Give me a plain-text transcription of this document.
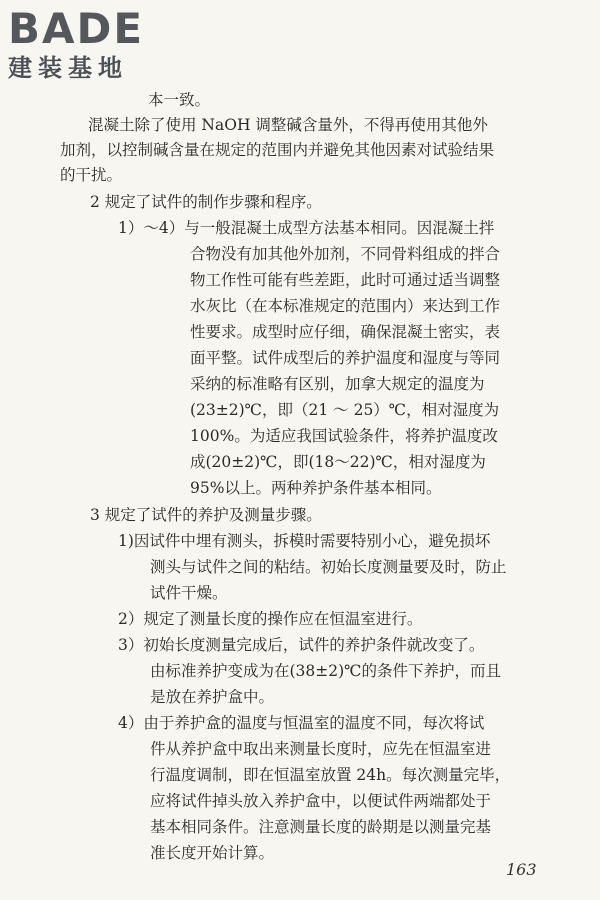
BADE
建装基地
本一致。
混凝土除了使用 NaOH 调整碱含量外，不得再使用其他外
加剂，以控制碱含量在规定的范围内并避免其他因素对试验结果
的干扰。
2 规定了试件的制作步骤和程序。
1）～4）与一般混凝土成型方法基本相同。因混凝土拌
合物没有加其他外加剂，不同骨料组成的拌合
物工作性可能有些差距，此时可通过适当调整
水灰比（在本标准规定的范围内）来达到工作
性要求。成型时应仔细，确保混凝土密实，表
面平整。试件成型后的养护温度和湿度与等同
采纳的标准略有区别，加拿大规定的温度为
(23±2)℃，即（21 ～ 25）℃，相对湿度为
100%。为适应我国试验条件，将养护温度改
成(20±2)℃，即(18～22)℃，相对湿度为
95%以上。两种养护条件基本相同。
3 规定了试件的养护及测量步骤。
1)因试件中埋有测头，拆模时需要特别小心，避免损坏
测头与试件之间的粘结。初始长度测量要及时，防止
试件干燥。
2）规定了测量长度的操作应在恒温室进行。
3）初始长度测量完成后，试件的养护条件就改变了。
由标准养护变成为在(38±2)℃的条件下养护，而且
是放在养护盒中。
4）由于养护盒的温度与恒温室的温度不同，每次将试
件从养护盒中取出来测量长度时，应先在恒温室进
行温度调制，即在恒温室放置 24h。每次测量完毕，
应将试件掉头放入养护盒中，以便试件两端都处于
基本相同条件。注意测量长度的龄期是以测量完基
准长度开始计算。
163
